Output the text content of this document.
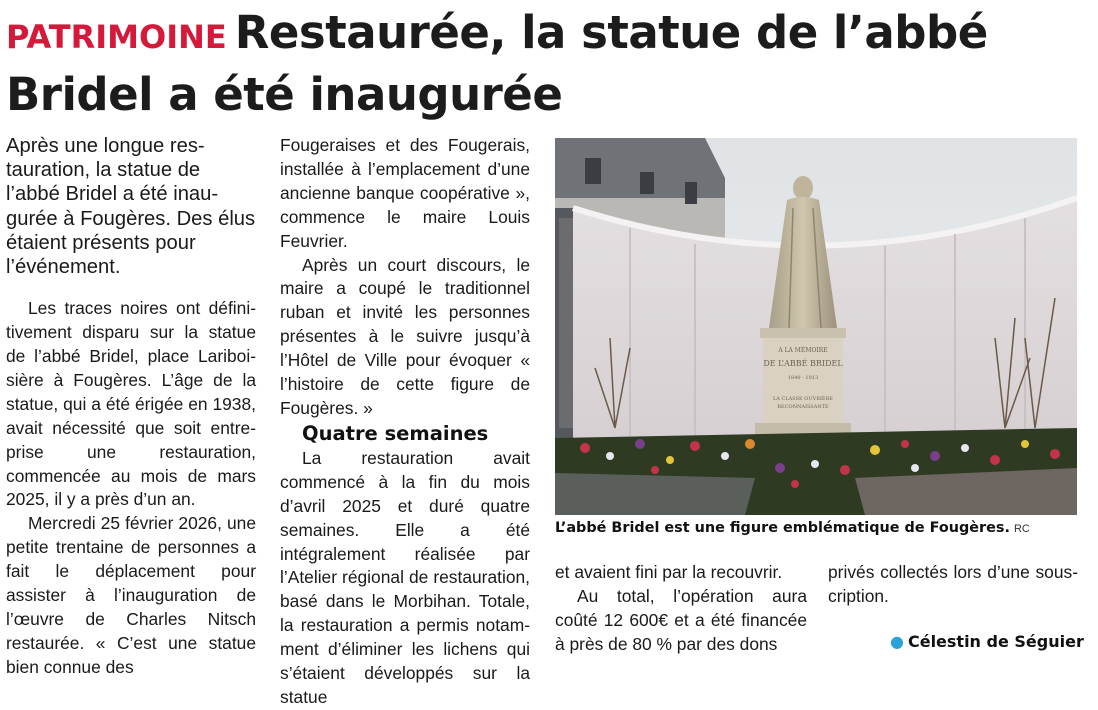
PATRIMOINE Restaurée, la statue de l’abbé Bridel a été inaugurée

Après une longue restauration, la statue de l’abbé Bridel a été inaugurée à Fougères. Des élus étaient présents pour l’événement.

Les traces noires ont définitivement disparu sur la statue de l’abbé Bridel, place Lariboisière à Fougères. L’âge de la statue, qui a été érigée en 1938, avait nécessité que soit entreprise une restauration, commencée au mois de mars 2025, il y a près d’un an.

Mercredi 25 février 2026, une petite trentaine de personnes a fait le déplacement pour assister à l’inauguration de l’œuvre de Charles Nitsch restaurée. « C’est une statue bien connue des

Fougeraises et des Fougerais, installée à l’emplacement d’une ancienne banque coopérative », commence le maire Louis Feuvrier.

Après un court discours, le maire a coupé le traditionnel ruban et invité les personnes présentes à le suivre jusqu’à l’Hôtel de Ville pour évoquer « l’histoire de cette figure de Fougères. »

Quatre semaines

La restauration avait commencé à la fin du mois d’avril 2025 et duré quatre semaines. Elle a été intégralement réalisée par l’Atelier régional de restauration, basé dans le Morbihan. Totale, la restauration a permis notamment d’éliminer les lichens qui s’étaient développés sur la statue

A LA MÉMOIRE
DE L’ABBÉ BRIDEL
1840 - 1913
LA CLASSE OUVRIÈRE
RECONNAISSANTE
L’abbé Bridel est une figure emblématique de Fougères. RC

et avaient fini par la recouvrir.

Au total, l’opération aura coûté 12 600€ et a été financée à près de 80 % par des dons

privés collectés lors d’une souscription.

● Célestin de Séguier
